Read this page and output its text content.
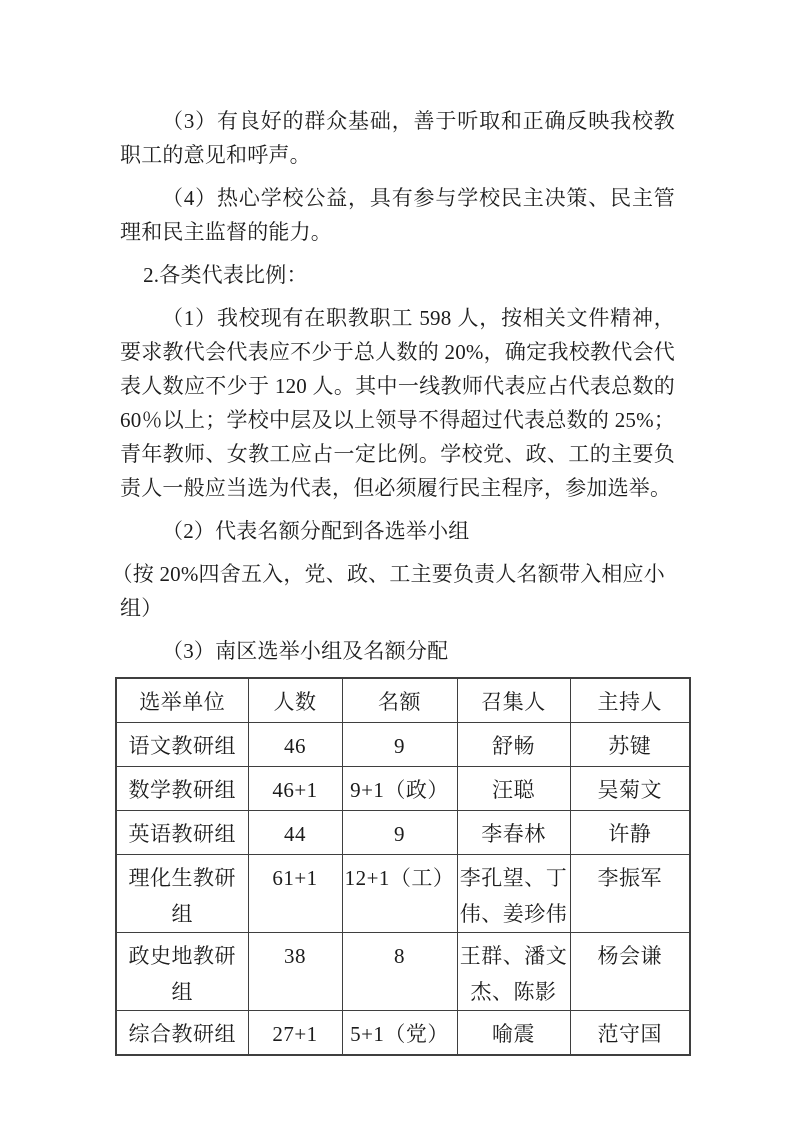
（3）有良好的群众基础，善于听取和正确反映我校教职工的意见和呼声。

（4）热心学校公益，具有参与学校民主决策、民主管理和民主监督的能力。

2.各类代表比例：

（1）我校现有在职教职工 598 人，按相关文件精神，要求教代会代表应不少于总人数的 20%，确定我校教代会代表人数应不少于 120 人。其中一线教师代表应占代表总数的 60％以上；学校中层及以上领导不得超过代表总数的 25%；青年教师、女教工应占一定比例。学校党、政、工的主要负责人一般应当选为代表，但必须履行民主程序，参加选举。

（2）代表名额分配到各选举小组

（按 20%四舍五入，党、政、工主要负责人名额带入相应小组）

（3）南区选举小组及名额分配

选举单位	人数	名额	召集人	主持人
语文教研组	46	9	舒畅	苏键
数学教研组	46+1	9+1（政）	汪聪	吴菊文
英语教研组	44	9	李春林	许静
理化生教研组	61+1	12+1（工）	李孔望、丁伟、姜珍伟	李振军
政史地教研组	38	8	王群、潘文杰、陈影	杨会谦
综合教研组	27+1	5+1（党）	喻震	范守国
